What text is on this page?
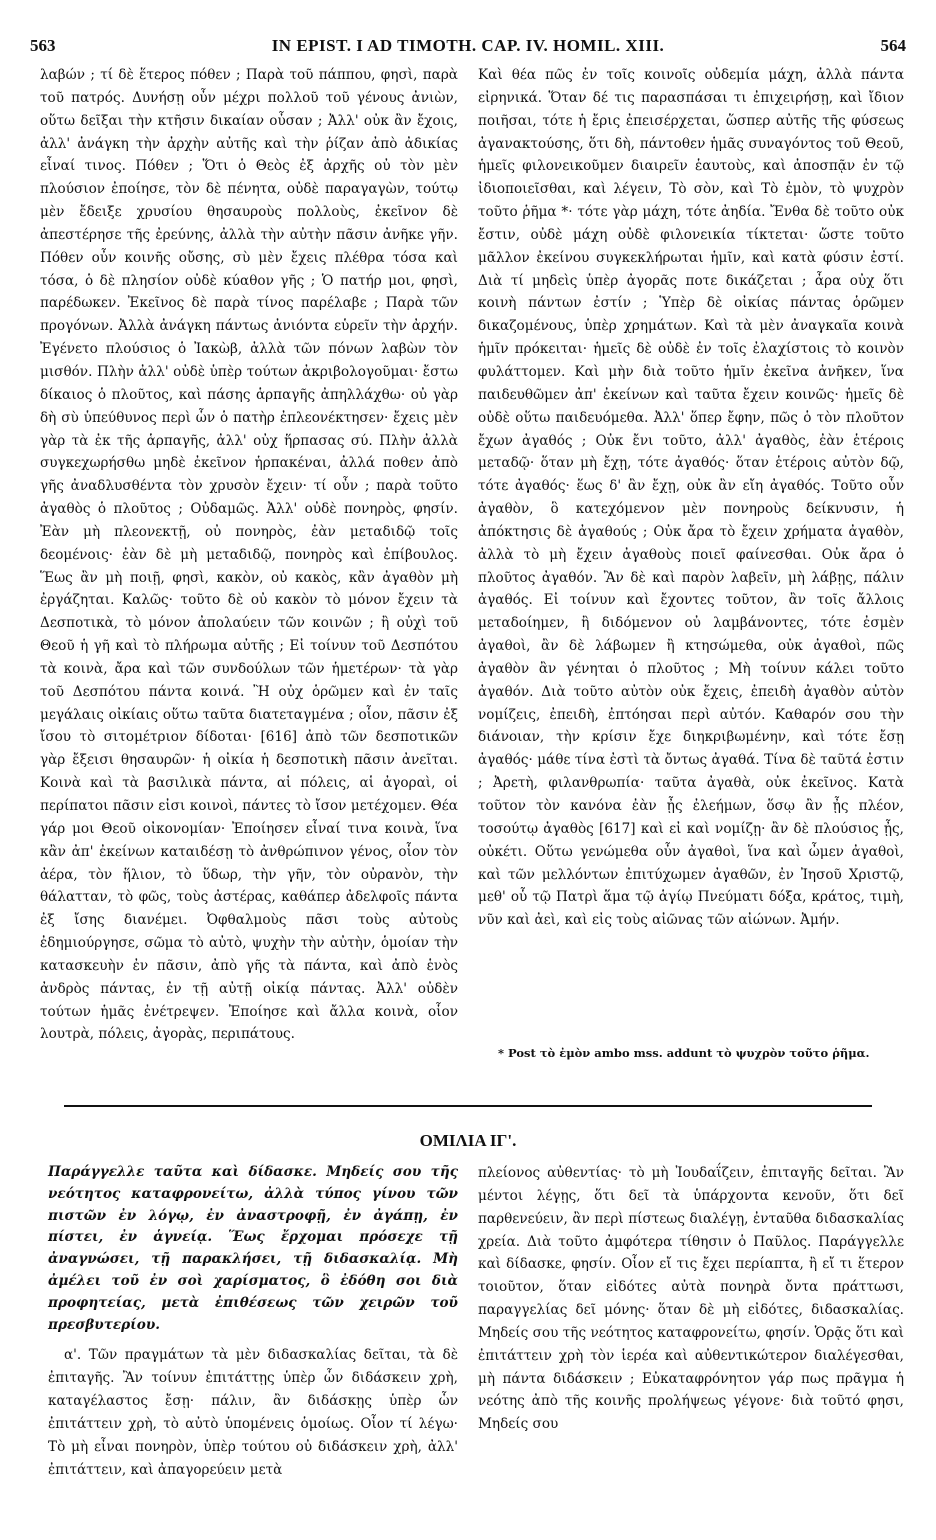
563	IN EPIST. I AD TIMOTH. CAP. IV. HOMIL. XIII.	564

λαβών ; τί δὲ ἕτερος πόθεν ; Παρὰ τοῦ πάππου, φησὶ, παρὰ τοῦ πατρός. Δυνήσῃ οὖν μέχρι πολλοῦ τοῦ γένους ἀνιὼν, οὕτω δεῖξαι τὴν κτῆσιν δικαίαν οὖσαν ; Ἀλλ' οὐκ ἂν ἔχοις, ἀλλ' ἀνάγκη τὴν ἀρχὴν αὐτῆς καὶ τὴν ῥίζαν ἀπὸ ἀδικίας εἶναί τινος. Πόθεν ; Ὅτι ὁ Θεὸς ἐξ ἀρχῆς οὐ τὸν μὲν πλούσιον ἐποίησε, τὸν δὲ πένητα, οὐδὲ παραγαγὼν, τούτῳ μὲν ἔδειξε χρυσίου θησαυροὺς πολλοὺς, ἐκεῖνον δὲ ἀπεστέρησε τῆς ἐρεύνης, ἀλλὰ τὴν αὐτὴν πᾶσιν ἀνῆκε γῆν. Πόθεν οὖν κοινῆς οὔσης, σὺ μὲν ἔχεις πλέθρα τόσα καὶ τόσα, ὁ δὲ πλησίον οὐδὲ κύαθον γῆς ; Ὁ πατήρ μοι, φησὶ, παρέδωκεν. Ἐκεῖνος δὲ παρὰ τίνος παρέλαβε ; Παρὰ τῶν προγόνων. Ἀλλὰ ἀνάγκη πάντως ἀνιόντα εὑρεῖν τὴν ἀρχήν. Ἐγένετο πλούσιος ὁ Ἰακὼβ, ἀλλὰ τῶν πόνων λαβὼν τὸν μισθόν. Πλὴν ἀλλ' οὐδὲ ὑπὲρ τούτων ἀκριβολογοῦμαι· ἔστω δίκαιος ὁ πλοῦτος, καὶ πάσης ἁρπαγῆς ἀπηλλάχθω· οὐ γὰρ δὴ σὺ ὑπεύθυνος περὶ ὧν ὁ πατὴρ ἐπλεονέκτησεν· ἔχεις μὲν γὰρ τὰ ἐκ τῆς ἁρπαγῆς, ἀλλ' οὐχ ἥρπασας σύ. Πλὴν ἀλλὰ συγκεχωρήσθω μηδὲ ἐκεῖνον ἡρπακέναι, ἀλλά ποθεν ἀπὸ γῆς ἀναδλυσθέντα τὸν χρυσὸν ἔχειν· τί οὖν ; παρὰ τοῦτο ἀγαθὸς ὁ πλοῦτος ; Οὐδαμῶς. Ἀλλ' οὐδὲ πονηρὸς, φησίν. Ἐὰν μὴ πλεονεκτῇ, οὐ πονηρὸς, ἐὰν μεταδιδῷ τοῖς δεομένοις· ἐὰν δὲ μὴ μεταδιδῷ, πονηρὸς καὶ ἐπίβουλος. Ἕως ἂν μὴ ποιῇ, φησὶ, κακὸν, οὐ κακὸς, κἂν ἀγαθὸν μὴ ἐργάζηται. Καλῶς· τοῦτο δὲ οὐ κακὸν τὸ μόνον ἔχειν τὰ Δεσποτικὰ, τὸ μόνον ἀπολαύειν τῶν κοινῶν ; ἢ οὐχὶ τοῦ Θεοῦ ἡ γῆ καὶ τὸ πλήρωμα αὐτῆς ; Εἰ τοίνυν τοῦ Δεσπότου τὰ κοινὰ, ἄρα καὶ τῶν συνδούλων τῶν ἡμετέρων· τὰ γὰρ τοῦ Δεσπότου πάντα κοινά. Ἢ οὐχ ὁρῶμεν καὶ ἐν ταῖς μεγάλαις οἰκίαις οὕτω ταῦτα διατεταγμένα ; οἷον, πᾶσιν ἐξ ἴσου τὸ σιτομέτριον δίδοται· [616] ἀπὸ τῶν δεσποτικῶν γὰρ ἔξεισι θησαυρῶν· ἡ οἰκία ἡ δεσποτικὴ πᾶσιν ἀνεῖται. Κοινὰ καὶ τὰ βασιλικὰ πάντα, αἱ πόλεις, αἱ ἀγοραὶ, οἱ περίπατοι πᾶσιν εἰσι κοινοὶ, πάντες τὸ ἴσον μετέχομεν. Θέα γάρ μοι Θεοῦ οἰκονομίαν· Ἐποίησεν εἶναί τινα κοινὰ, ἵνα κἂν ἀπ' ἐκείνων καταιδέσῃ τὸ ἀνθρώπινον γένος, οἷον τὸν ἀέρα, τὸν ἥλιον, τὸ ὕδωρ, τὴν γῆν, τὸν οὐρανὸν, τὴν θάλατταν, τὸ φῶς, τοὺς ἀστέρας, καθάπερ ἀδελφοῖς πάντα ἐξ ἴσης διανέμει. Ὀφθαλμοὺς πᾶσι τοὺς αὐτοὺς ἐδημιούργησε, σῶμα τὸ αὐτὸ, ψυχὴν τὴν αὐτὴν, ὁμοίαν τὴν κατασκευὴν ἐν πᾶσιν, ἀπὸ γῆς τὰ πάντα, καὶ ἀπὸ ἑνὸς ἀνδρὸς πάντας, ἐν τῇ αὐτῇ οἰκίᾳ πάντας. Ἀλλ' οὐδὲν τούτων ἡμᾶς ἐνέτρεψεν. Ἐποίησε καὶ ἄλλα κοινὰ, οἷον λουτρὰ, πόλεις, ἀγορὰς, περιπάτους.

Καὶ θέα πῶς ἐν τοῖς κοινοῖς οὐδεμία μάχη, ἀλλὰ πάντα εἰρηνικά. Ὅταν δέ τις παρασπάσαι τι ἐπιχειρήσῃ, καὶ ἴδιον ποιῆσαι, τότε ἡ ἔρις ἐπεισέρχεται, ὥσπερ αὐτῆς τῆς φύσεως ἀγανακτούσης, ὅτι δὴ, πάντοθεν ἡμᾶς συναγόντος τοῦ Θεοῦ, ἡμεῖς φιλονεικοῦμεν διαιρεῖν ἑαυτοὺς, καὶ ἀποσπᾷν ἐν τῷ ἰδιοποιεῖσθαι, καὶ λέγειν, Τὸ σὸν, καὶ Τὸ ἐμὸν, τὸ ψυχρὸν τοῦτο ῥῆμα *· τότε γὰρ μάχη, τότε ἀηδία. Ἔνθα δὲ τοῦτο οὐκ ἔστιν, οὐδὲ μάχη οὐδὲ φιλονεικία τίκτεται· ὥστε τοῦτο μᾶλλον ἐκείνου συγκεκλήρωται ἡμῖν, καὶ κατὰ φύσιν ἐστί. Διὰ τί μηδεὶς ὑπὲρ ἀγορᾶς ποτε δικάζεται ; ἆρα οὐχ ὅτι κοινὴ πάντων ἐστίν ; Ὑπὲρ δὲ οἰκίας πάντας ὁρῶμεν δικαζομένους, ὑπὲρ χρημάτων. Καὶ τὰ μὲν ἀναγκαῖα κοινὰ ἡμῖν πρόκειται· ἡμεῖς δὲ οὐδὲ ἐν τοῖς ἐλαχίστοις τὸ κοινὸν φυλάττομεν. Καὶ μὴν διὰ τοῦτο ἡμῖν ἐκεῖνα ἀνῆκεν, ἵνα παιδευθῶμεν ἀπ' ἐκείνων καὶ ταῦτα ἔχειν κοινῶς· ἡμεῖς δὲ οὐδὲ οὕτω παιδευόμεθα. Ἀλλ' ὅπερ ἔφην, πῶς ὁ τὸν πλοῦτον ἔχων ἀγαθός ; Οὐκ ἔνι τοῦτο, ἀλλ' ἀγαθὸς, ἐὰν ἑτέροις μεταδῷ· ὅταν μὴ ἔχῃ, τότε ἀγαθός· ὅταν ἑτέροις αὐτὸν δῷ, τότε ἀγαθός· ἕως δ' ἂν ἔχῃ, οὐκ ἂν εἴη ἀγαθός. Τοῦτο οὖν ἀγαθὸν, ὃ κατεχόμενον μὲν πονηροὺς δείκνυσιν, ἡ ἀπόκτησις δὲ ἀγαθούς ; Οὐκ ἄρα τὸ ἔχειν χρήματα ἀγαθὸν, ἀλλὰ τὸ μὴ ἔχειν ἀγαθοὺς ποιεῖ φαίνεσθαι. Οὐκ ἄρα ὁ πλοῦτος ἀγαθόν. Ἂν δὲ καὶ παρὸν λαβεῖν, μὴ λάβῃς, πάλιν ἀγαθός. Εἰ τοίνυν καὶ ἔχοντες τοῦτον, ἂν τοῖς ἄλλοις μεταδοίημεν, ἢ διδόμενον οὐ λαμβάνοντες, τότε ἐσμὲν ἀγαθοὶ, ἂν δὲ λάβωμεν ἢ κτησώμεθα, οὐκ ἀγαθοὶ, πῶς ἀγαθὸν ἂν γένηται ὁ πλοῦτος ; Μὴ τοίνυν κάλει τοῦτο ἀγαθόν. Διὰ τοῦτο αὐτὸν οὐκ ἔχεις, ἐπειδὴ ἀγαθὸν αὐτὸν νομίζεις, ἐπειδὴ, ἐπτόησαι περὶ αὐτόν. Καθαρόν σου τὴν διάνοιαν, τὴν κρίσιν ἔχε διηκριβωμένην, καὶ τότε ἔσῃ ἀγαθός· μάθε τίνα ἐστὶ τὰ ὄντως ἀγαθά. Τίνα δὲ ταῦτά ἐστιν ; Ἀρετὴ, φιλανθρωπία· ταῦτα ἀγαθὰ, οὐκ ἐκεῖνος. Κατὰ τοῦτον τὸν κανόνα ἐὰν ᾖς ἐλεήμων, ὅσῳ ἂν ᾖς πλέον, τοσούτῳ ἀγαθὸς [617] καὶ εἰ καὶ νομίζῃ· ἂν δὲ πλούσιος ᾖς, οὐκέτι. Οὕτω γενώμεθα οὖν ἀγαθοὶ, ἵνα καὶ ὦμεν ἀγαθοὶ, καὶ τῶν μελλόντων ἐπιτύχωμεν ἀγαθῶν, ἐν Ἰησοῦ Χριστῷ, μεθ' οὗ τῷ Πατρὶ ἅμα τῷ ἁγίῳ Πνεύματι δόξα, κράτος, τιμὴ, νῦν καὶ ἀεὶ, καὶ εἰς τοὺς αἰῶνας τῶν αἰώνων. Ἀμήν.

* Post τὸ ἐμὸν ambo mss. addunt τὸ ψυχρὸν τοῦτο ῥῆμα.
ΟΜΙΛΙΑ ΙΓ'.

Παράγγελλε ταῦτα καὶ δίδασκε. Μηδείς σου τῆς νεότητος καταφρονείτω, ἀλλὰ τύπος γίνου τῶν πιστῶν ἐν λόγῳ, ἐν ἀναστροφῇ, ἐν ἀγάπῃ, ἐν πίστει, ἐν ἁγνείᾳ. Ἕως ἔρχομαι πρόσεχε τῇ ἀναγνώσει, τῇ παρακλήσει, τῇ διδασκαλίᾳ. Μὴ ἀμέλει τοῦ ἐν σοὶ χαρίσματος, ὃ ἐδόθη σοι διὰ προφητείας, μετὰ ἐπιθέσεως τῶν χειρῶν τοῦ πρεσβυτερίου.

α'. Τῶν πραγμάτων τὰ μὲν διδασκαλίας δεῖται, τὰ δὲ ἐπιταγῆς. Ἂν τοίνυν ἐπιτάττῃς ὑπὲρ ὧν διδάσκειν χρὴ, καταγέλαστος ἔσῃ· πάλιν, ἂν διδάσκῃς ὑπὲρ ὧν ἐπιτάττειν χρὴ, τὸ αὐτὸ ὑπομένεις ὁμοίως. Οἷον τί λέγω· Τὸ μὴ εἶναι πονηρὸν, ὑπὲρ τούτου οὐ διδάσκειν χρὴ, ἀλλ' ἐπιτάττειν, καὶ ἀπαγορεύειν μετὰ

πλείονος αὐθεντίας· τὸ μὴ Ἰουδαΐζειν, ἐπιταγῆς δεῖται. Ἂν μέντοι λέγῃς, ὅτι δεῖ τὰ ὑπάρχοντα κενοῦν, ὅτι δεῖ παρθενεύειν, ἂν περὶ πίστεως διαλέγῃ, ἐνταῦθα διδασκαλίας χρεία. Διὰ τοῦτο ἀμφότερα τίθησιν ὁ Παῦλος. Παράγγελλε καὶ δίδασκε, φησίν. Οἷον εἴ τις ἔχει περίαπτα, ἢ εἴ τι ἕτερον τοιοῦτον, ὅταν εἰδότες αὐτὰ πονηρὰ ὄντα πράττωσι, παραγγελίας δεῖ μόνης· ὅταν δὲ μὴ εἰδότες, διδασκαλίας. Μηδείς σου τῆς νεότητος καταφρονείτω, φησίν. Ὁρᾷς ὅτι καὶ ἐπιτάττειν χρὴ τὸν ἱερέα καὶ αὐθεντικώτερον διαλέγεσθαι, μὴ πάντα διδάσκειν ; Εὐκαταφρόνητον γάρ πως πρᾶγμα ἡ νεότης ἀπὸ τῆς κοινῆς προλήψεως γέγονε· διὰ τοῦτό φησι, Μηδείς σου
